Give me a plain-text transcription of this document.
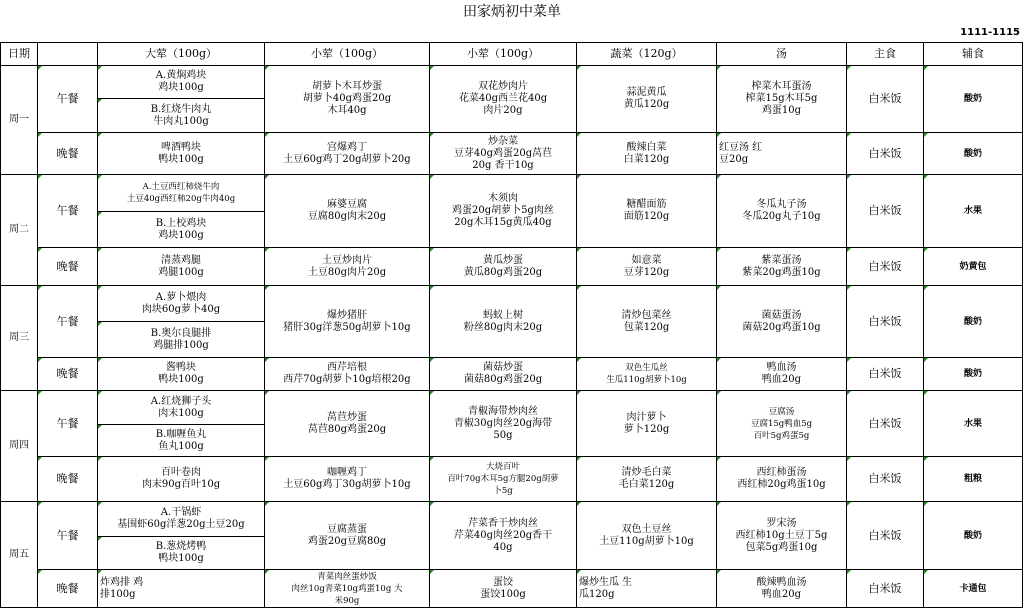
田家炳初中菜单
1111-1115
日期		大荤（100g）	小荤（100g）	小荤（100g）	蔬菜（120g）	汤	主食	辅食
周一	午餐	A.黄焖鸡块
鸡块100g	胡萝卜木耳炒蛋
胡萝卜40g鸡蛋20g
木耳40g	双花炒肉片
花菜40g西兰花40g
肉片20g	蒜泥黄瓜
黄瓜120g	榨菜木耳蛋汤
榨菜15g木耳5g
鸡蛋10g	白米饭	酸奶
		B.红烧牛肉丸
牛肉丸100g						
	晚餐	啤酒鸭块
鸭块100g	宫爆鸡丁
土豆60g鸡丁20g胡萝卜20g	炒杂菜
豆芽40g鸡蛋20g莴苣
20g 香干10g	酸辣白菜
白菜120g	红豆汤 红
豆20g	白米饭	酸奶
周二	午餐	A.土豆西红柿烧牛肉
土豆40g西红柿20g牛肉40g	麻婆豆腐
豆腐80g肉末20g	木须肉
鸡蛋20g胡萝卜5g肉丝
20g木耳15g黄瓜40g	糖醋面筋
面筋120g	冬瓜丸子汤
冬瓜20g丸子10g	白米饭	水果
		B.上校鸡块
鸡块100g						
	晚餐	清蒸鸡腿
鸡腿100g	土豆炒肉片
土豆80g肉片20g	黄瓜炒蛋
黄瓜80g鸡蛋20g	如意菜
豆芽120g	紫菜蛋汤
紫菜20g鸡蛋10g	白米饭	奶黄包
周三	午餐	A.萝卜煨肉
肉块60g萝卜40g	爆炒猪肝
猪肝30g洋葱50g胡萝卜10g	蚂蚁上树
粉丝80g肉末20g	清炒包菜丝
包菜120g	菌菇蛋汤
菌菇20g鸡蛋10g	白米饭	酸奶
		B.奥尔良腿排
鸡腿排100g						
	晚餐	酱鸭块
鸭块100g	西芹培根
西芹70g胡萝卜10g培根20g	菌菇炒蛋
菌菇80g鸡蛋20g	双色生瓜丝
生瓜110g胡萝卜10g	鸭血汤
鸭血20g	白米饭	酸奶
周四	午餐	A.红烧狮子头
肉末100g	莴苣炒蛋
莴苣80g鸡蛋20g	青椒海带炒肉丝
青椒30g肉丝20g海带
50g	肉汁萝卜
萝卜120g	豆腐汤
豆腐15g鸭血5g
百叶5g鸡蛋5g	白米饭	水果
		B.咖喱鱼丸
鱼丸100g						
	晚餐	百叶卷肉
肉末90g百叶10g	咖喱鸡丁
土豆60g鸡丁30g胡萝卜10g	大烧百叶
百叶70g木耳5g方腿20g胡萝
卜5g	清炒毛白菜
毛白菜120g	西红柿蛋汤
西红柿20g鸡蛋10g	白米饭	粗粮
周五	午餐	A.干锅虾
基围虾60g洋葱20g土豆20g	豆腐蒸蛋
鸡蛋20g豆腐80g	芹菜香干炒肉丝
芹菜40g肉丝20g香干
40g	双色土豆丝
土豆110g胡萝卜10g	罗宋汤
西红柿10g土豆丁5g
包菜5g鸡蛋10g	白米饭	酸奶
		B.葱烧烤鸭
鸭块100g						
	晚餐	炸鸡排 鸡
排100g	青菜肉丝蛋炒饭
肉丝10g青菜10g鸡蛋10g 大
米90g	蛋饺
蛋饺100g	爆炒生瓜 生
瓜120g	酸辣鸭血汤
鸭血20g	白米饭	卡通包
